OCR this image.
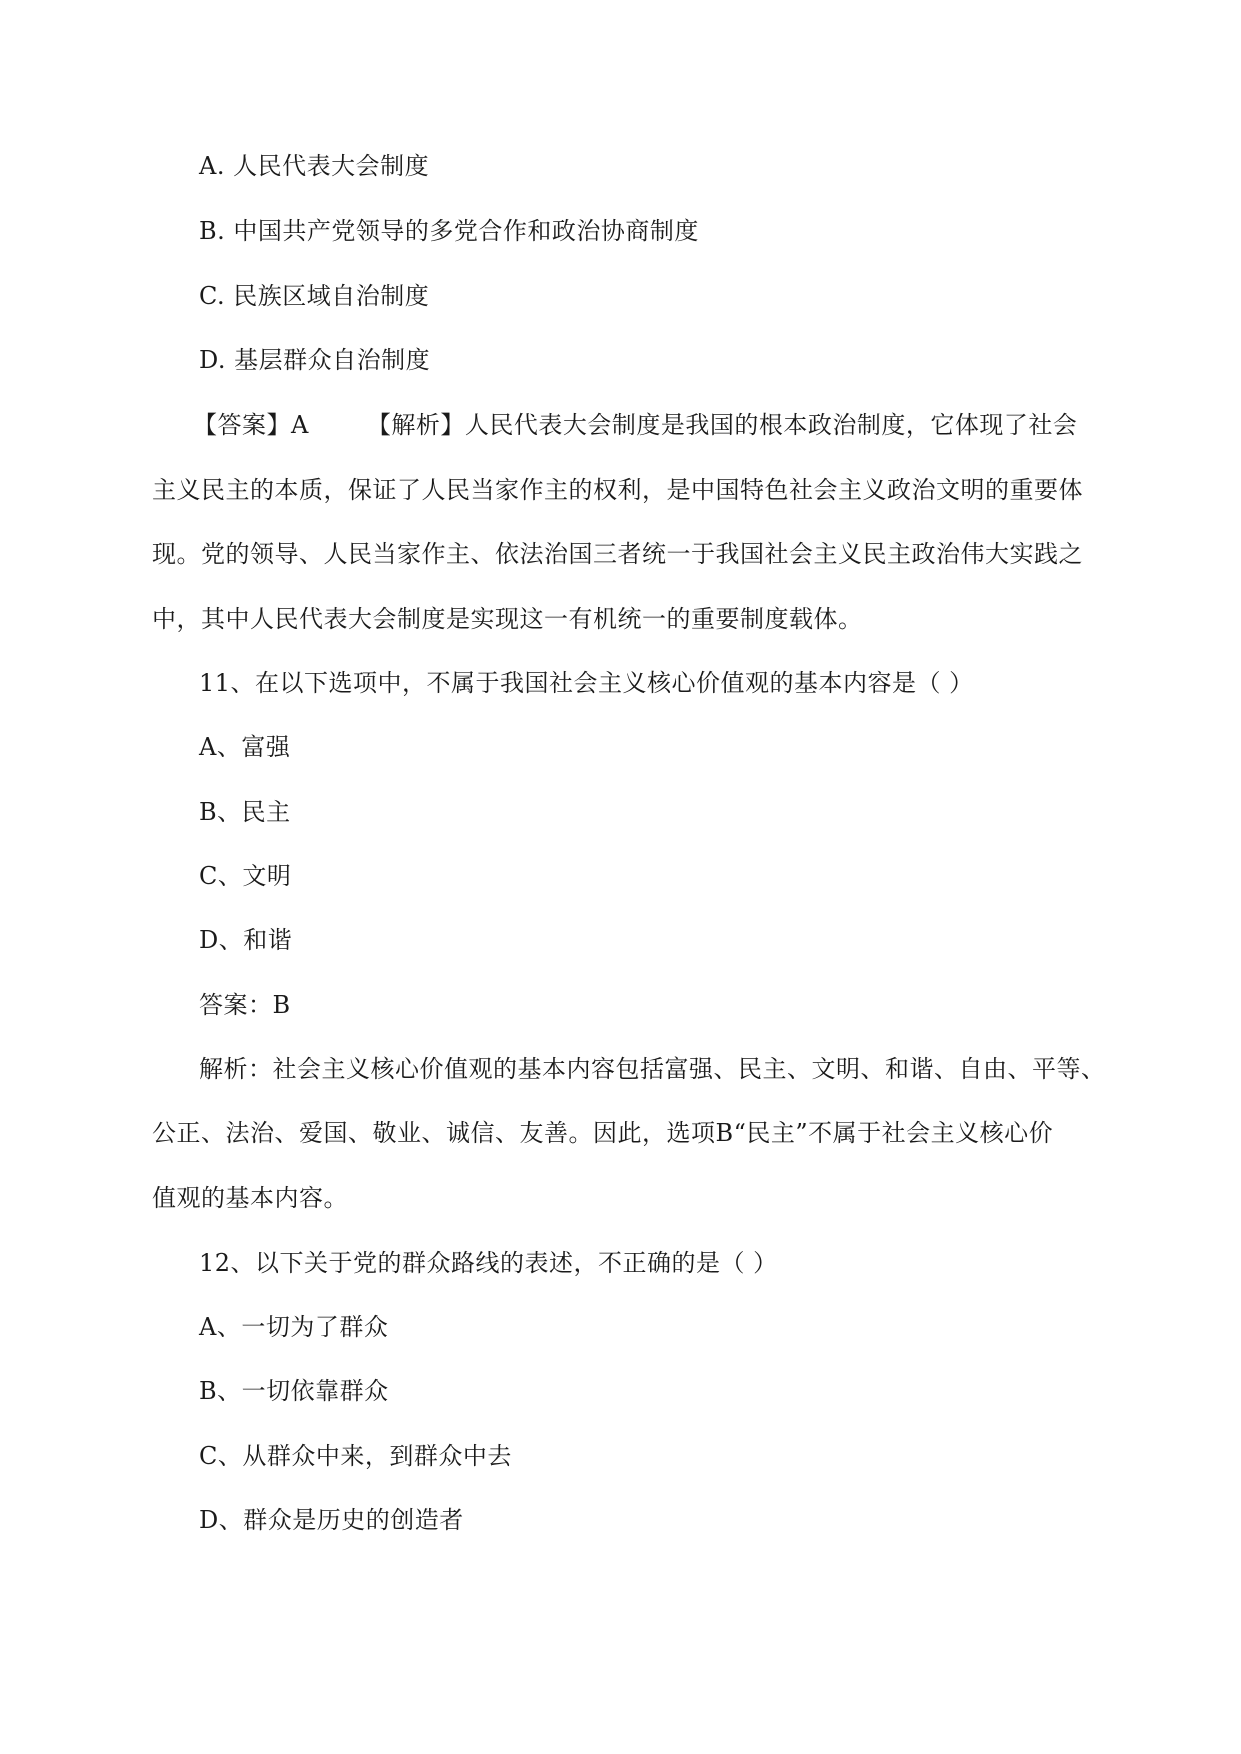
A. 人民代表大会制度
B. 中国共产党领导的多党合作和政治协商制度
C. 民族区域自治制度
D. 基层群众自治制度
【答案】A 【解析】人民代表大会制度是我国的根本政治制度，它体现了社会
主义民主的本质，保证了人民当家作主的权利，是中国特色社会主义政治文明的重要体
现。党的领导、人民当家作主、依法治国三者统一于我国社会主义民主政治伟大实践之
中，其中人民代表大会制度是实现这一有机统一的重要制度载体。
11、在以下选项中，不属于我国社会主义核心价值观的基本内容是（ ）
A、富强
B、民主
C、文明
D、和谐
答案：B
解析：社会主义核心价值观的基本内容包括富强、民主、文明、和谐、自由、平等、
公正、法治、爱国、敬业、诚信、友善。因此，选项B“民主”不属于社会主义核心价
值观的基本内容。
12、以下关于党的群众路线的表述，不正确的是（ ）
A、一切为了群众
B、一切依靠群众
C、从群众中来，到群众中去
D、群众是历史的创造者
